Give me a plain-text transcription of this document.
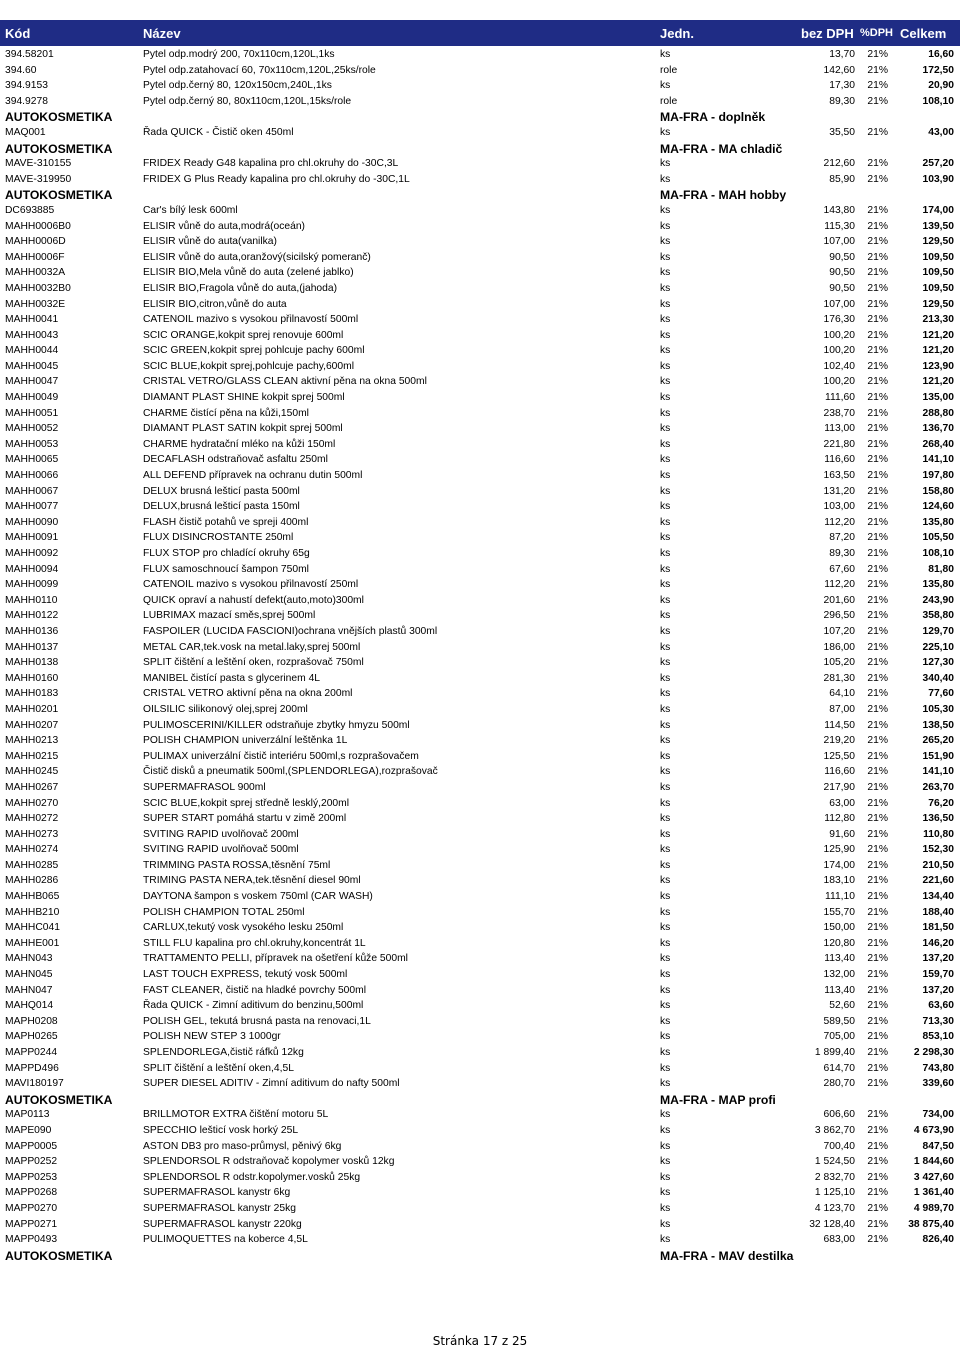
Kód	Název	Jedn.	bez DPH %DPH Celkem
394.58201	Pytel odp.modrý 200, 70x110cm,120L,1ks	ks	13,70 21%	16,60
394.60	Pytel odp.zatahovací 60, 70x110cm,120L,25ks/role	role	142,60 21%	172,50
394.9153	Pytel odp.černý 80, 120x150cm,240L,1ks	ks	17,30 21%	20,90
394.9278	Pytel odp.černý 80, 80x110cm,120L,15ks/role	role	89,30 21%	108,10
AUTOKOSMETIKA	MA-FRA - doplněk
MAQ001	Řada QUICK - Čistič oken 450ml	ks	35,50 21%	43,00
AUTOKOSMETIKA	MA-FRA - MA chladič
MAVE-310155	FRIDEX Ready G48 kapalina pro chl.okruhy do -30C,3L	ks	212,60 21%	257,20
MAVE-319950	FRIDEX G Plus Ready kapalina pro chl.okruhy do -30C,1L	ks	85,90 21%	103,90
AUTOKOSMETIKA	MA-FRA - MAH hobby
DC693885	Car's bílý lesk 600ml	ks	143,80 21%	174,00
MAHH0006B0	ELISIR vůně do auta,modrá(oceán)	ks	115,30 21%	139,50
MAHH0006D	ELISIR vůně do auta(vanilka)	ks	107,00 21%	129,50
MAHH0006F	ELISIR vůně do auta,oranžový(sicilský pomeranč)	ks	90,50 21%	109,50
MAHH0032A	ELISIR BIO,Mela vůně do auta (zelené jablko)	ks	90,50 21%	109,50
MAHH0032B0	ELISIR BIO,Fragola vůně do auta,(jahoda)	ks	90,50 21%	109,50
MAHH0032E	ELISIR BIO,citron,vůně do auta	ks	107,00 21%	129,50
MAHH0041	CATENOIL mazivo s vysokou přilnavostí 500ml	ks	176,30 21%	213,30
MAHH0043	SCIC ORANGE,kokpit sprej renovuje 600ml	ks	100,20 21%	121,20
MAHH0044	SCIC GREEN,kokpit sprej pohlcuje pachy 600ml	ks	100,20 21%	121,20
MAHH0045	SCIC BLUE,kokpit sprej,pohlcuje pachy,600ml	ks	102,40 21%	123,90
MAHH0047	CRISTAL VETRO/GLASS CLEAN aktivní pěna na okna 500ml	ks	100,20 21%	121,20
MAHH0049	DIAMANT PLAST SHINE kokpit sprej 500ml	ks	111,60 21%	135,00
MAHH0051	CHARME čistící pěna na kůži,150ml	ks	238,70 21%	288,80
MAHH0052	DIAMANT PLAST SATIN kokpit sprej 500ml	ks	113,00 21%	136,70
MAHH0053	CHARME hydratační mléko na kůži 150ml	ks	221,80 21%	268,40
MAHH0065	DECAFLASH odstraňovač asfaltu 250ml	ks	116,60 21%	141,10
MAHH0066	ALL DEFEND přípravek na ochranu dutin 500ml	ks	163,50 21%	197,80
MAHH0067	DELUX brusná lešticí pasta 500ml	ks	131,20 21%	158,80
MAHH0077	DELUX,brusná lešticí pasta 150ml	ks	103,00 21%	124,60
MAHH0090	FLASH čistič potahů ve spreji 400ml	ks	112,20 21%	135,80
MAHH0091	FLUX DISINCROSTANTE 250ml	ks	87,20 21%	105,50
MAHH0092	FLUX STOP pro chladící okruhy 65g	ks	89,30 21%	108,10
MAHH0094	FLUX samoschnoucí šampon 750ml	ks	67,60 21%	81,80
MAHH0099	CATENOIL mazivo s vysokou přilnavostí 250ml	ks	112,20 21%	135,80
MAHH0110	QUICK opraví a nahustí defekt(auto,moto)300ml	ks	201,60 21%	243,90
MAHH0122	LUBRIMAX mazací směs,sprej 500ml	ks	296,50 21%	358,80
MAHH0136	FASPOILER (LUCIDA FASCIONI)ochrana vnějších plastů 300ml	ks	107,20 21%	129,70
MAHH0137	METAL CAR,tek.vosk na metal.laky,sprej 500ml	ks	186,00 21%	225,10
MAHH0138	SPLIT čištění a leštění oken, rozprašovač 750ml	ks	105,20 21%	127,30
MAHH0160	MANIBEL čistící pasta s glycerinem 4L	ks	281,30 21%	340,40
MAHH0183	CRISTAL VETRO aktivní pěna na okna 200ml	ks	64,10 21%	77,60
MAHH0201	OILSILIC silikonový olej,sprej 200ml	ks	87,00 21%	105,30
MAHH0207	PULIMOSCERINI/KILLER odstraňuje zbytky hmyzu 500ml	ks	114,50 21%	138,50
MAHH0213	POLISH CHAMPION univerzální leštěnka 1L	ks	219,20 21%	265,20
MAHH0215	PULIMAX univerzální čistič interiéru 500ml,s rozprašovačem	ks	125,50 21%	151,90
MAHH0245	Čistič disků a pneumatik 500ml,(SPLENDORLEGA),rozprašovač	ks	116,60 21%	141,10
MAHH0267	SUPERMAFRASOL 900ml	ks	217,90 21%	263,70
MAHH0270	SCIC BLUE,kokpit sprej středně lesklý,200ml	ks	63,00 21%	76,20
MAHH0272	SUPER START pomáhá startu v zimě 200ml	ks	112,80 21%	136,50
MAHH0273	SVITING RAPID uvolňovač 200ml	ks	91,60 21%	110,80
MAHH0274	SVITING RAPID uvolňovač 500ml	ks	125,90 21%	152,30
MAHH0285	TRIMMING PASTA ROSSA,těsnění 75ml	ks	174,00 21%	210,50
MAHH0286	TRIMING PASTA NERA,tek.těsnění diesel 90ml	ks	183,10 21%	221,60
MAHHB065	DAYTONA šampon s voskem 750ml (CAR WASH)	ks	111,10 21%	134,40
MAHHB210	POLISH CHAMPION TOTAL 250ml	ks	155,70 21%	188,40
MAHHC041	CARLUX,tekutý vosk vysokého lesku 250ml	ks	150,00 21%	181,50
MAHHE001	STILL FLU kapalina pro chl.okruhy,koncentrát 1L	ks	120,80 21%	146,20
MAHN043	TRATTAMENTO PELLI, přípravek na ošetření kůže 500ml	ks	113,40 21%	137,20
MAHN045	LAST TOUCH EXPRESS, tekutý vosk 500ml	ks	132,00 21%	159,70
MAHN047	FAST CLEANER, čistič na hladké povrchy 500ml	ks	113,40 21%	137,20
MAHQ014	Řada QUICK - Zimní aditivum do benzinu,500ml	ks	52,60 21%	63,60
MAPH0208	POLISH GEL, tekutá brusná pasta na renovaci,1L	ks	589,50 21%	713,30
MAPH0265	POLISH NEW STEP 3 1000gr	ks	705,00 21%	853,10
MAPP0244	SPLENDORLEGA,čistič ráfků 12kg	ks	1 899,40 21%	2 298,30
MAPPD496	SPLIT čištění a leštění oken,4,5L	ks	614,70 21%	743,80
MAVI180197	SUPER DIESEL ADITIV - Zimní aditivum do nafty 500ml	ks	280,70 21%	339,60
AUTOKOSMETIKA	MA-FRA - MAP profi
MAP0113	BRILLMOTOR EXTRA čištění motoru 5L	ks	606,60 21%	734,00
MAPE090	SPECCHIO lešticí vosk horký 25L	ks	3 862,70 21%	4 673,90
MAPP0005	ASTON DB3 pro maso-průmysl, pěnivý 6kg	ks	700,40 21%	847,50
MAPP0252	SPLENDORSOL R odstraňovač kopolymer vosků 12kg	ks	1 524,50 21%	1 844,60
MAPP0253	SPLENDORSOL R odstr.kopolymer.vosků 25kg	ks	2 832,70 21%	3 427,60
MAPP0268	SUPERMAFRASOL kanystr 6kg	ks	1 125,10 21%	1 361,40
MAPP0270	SUPERMAFRASOL kanystr 25kg	ks	4 123,70 21%	4 989,70
MAPP0271	SUPERMAFRASOL kanystr 220kg	ks	32 128,40 21% 38 875,40
MAPP0493	PULIMOQUETTES na koberce 4,5L	ks	683,00 21%	826,40
AUTOKOSMETIKA	MA-FRA - MAV destilka
Stránka 17 z 25
